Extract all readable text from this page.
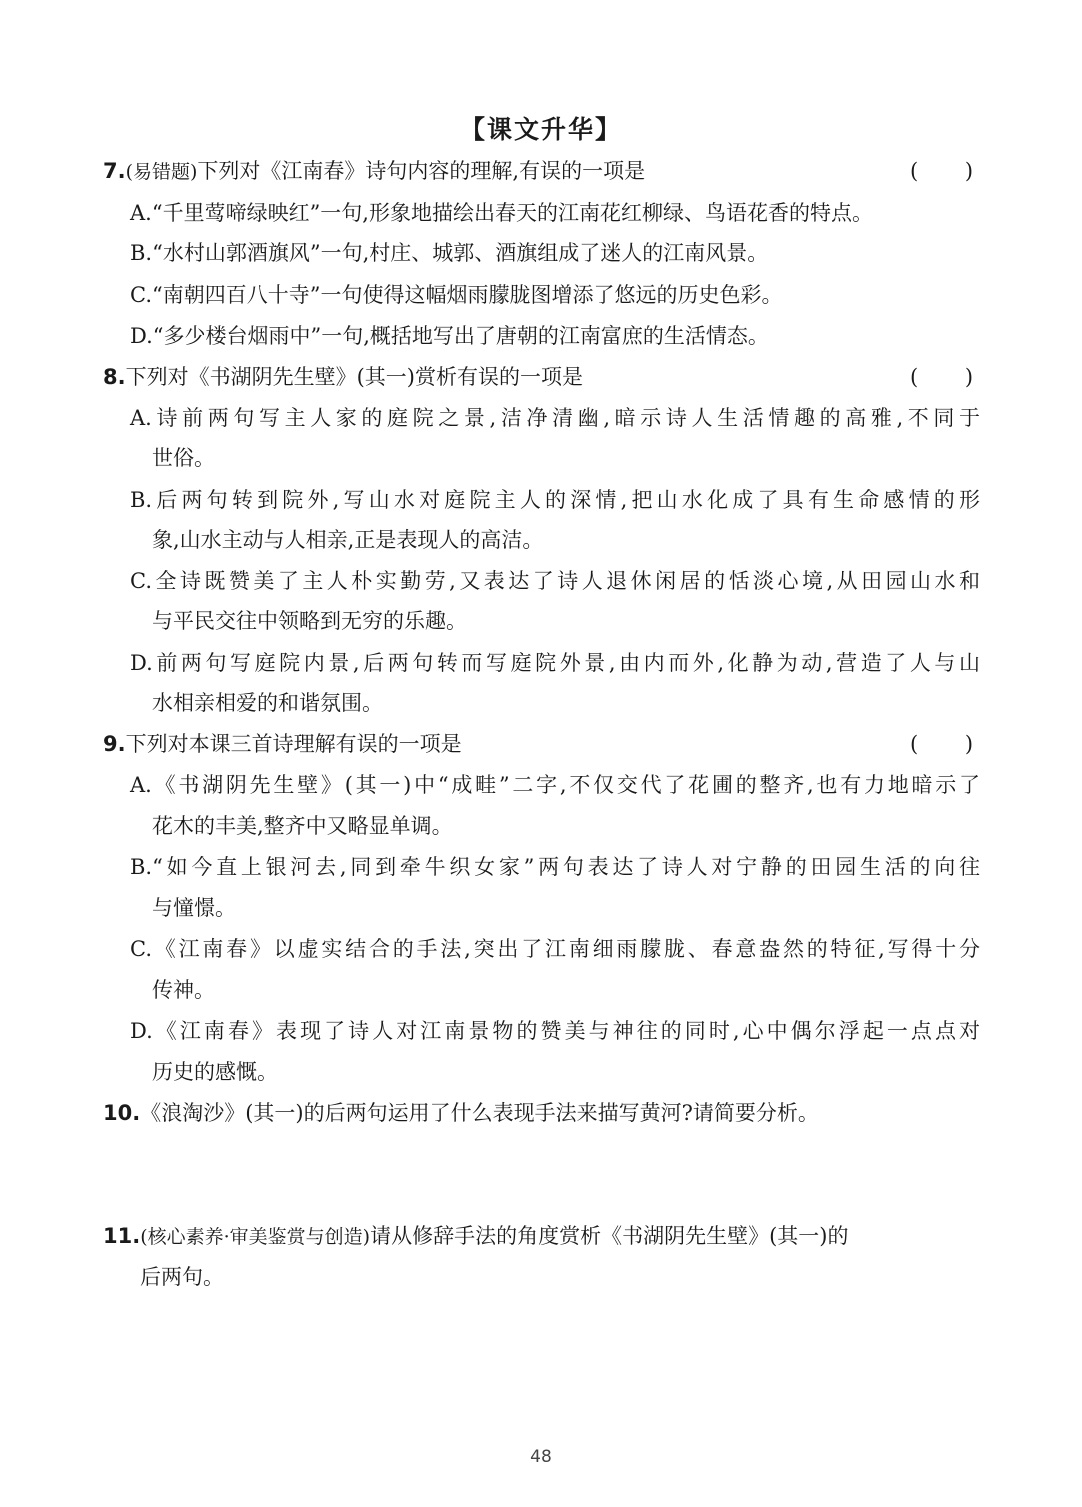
【课文升华】
7.(易错题)下列对《江南春》诗句内容的理解,有误的一项是	(       )
A.“千里莺啼绿映红”一句,形象地描绘出春天的江南花红柳绿、鸟语花香的特点。
B.“水村山郭酒旗风”一句,村庄、城郭、酒旗组成了迷人的江南风景。
C.“南朝四百八十寺”一句使得这幅烟雨朦胧图增添了悠远的历史色彩。
D.“多少楼台烟雨中”一句,概括地写出了唐朝的江南富庶的生活情态。
8.下列对《书湖阴先生壁》(其一)赏析有误的一项是	(       )
A.诗前两句写主人家的庭院之景,洁净清幽,暗示诗人生活情趣的高雅,不同于
世俗。
B.后两句转到院外,写山水对庭院主人的深情,把山水化成了具有生命感情的形
象,山水主动与人相亲,正是表现人的高洁。
C.全诗既赞美了主人朴实勤劳,又表达了诗人退休闲居的恬淡心境,从田园山水和
与平民交往中领略到无穷的乐趣。
D.前两句写庭院内景,后两句转而写庭院外景,由内而外,化静为动,营造了人与山
水相亲相爱的和谐氛围。
9.下列对本课三首诗理解有误的一项是	(       )
A.《书湖阴先生壁》(其一)中“成畦”二字,不仅交代了花圃的整齐,也有力地暗示了
花木的丰美,整齐中又略显单调。
B.“如今直上银河去,同到牵牛织女家”两句表达了诗人对宁静的田园生活的向往
与憧憬。
C.《江南春》以虚实结合的手法,突出了江南细雨朦胧、春意盎然的特征,写得十分
传神。
D.《江南春》表现了诗人对江南景物的赞美与神往的同时,心中偶尔浮起一点点对
历史的感慨。
10.《浪淘沙》(其一)的后两句运用了什么表现手法来描写黄河?请简要分析。
11.(核心素养·审美鉴赏与创造)请从修辞手法的角度赏析《书湖阴先生壁》(其一)的
后两句。
48
